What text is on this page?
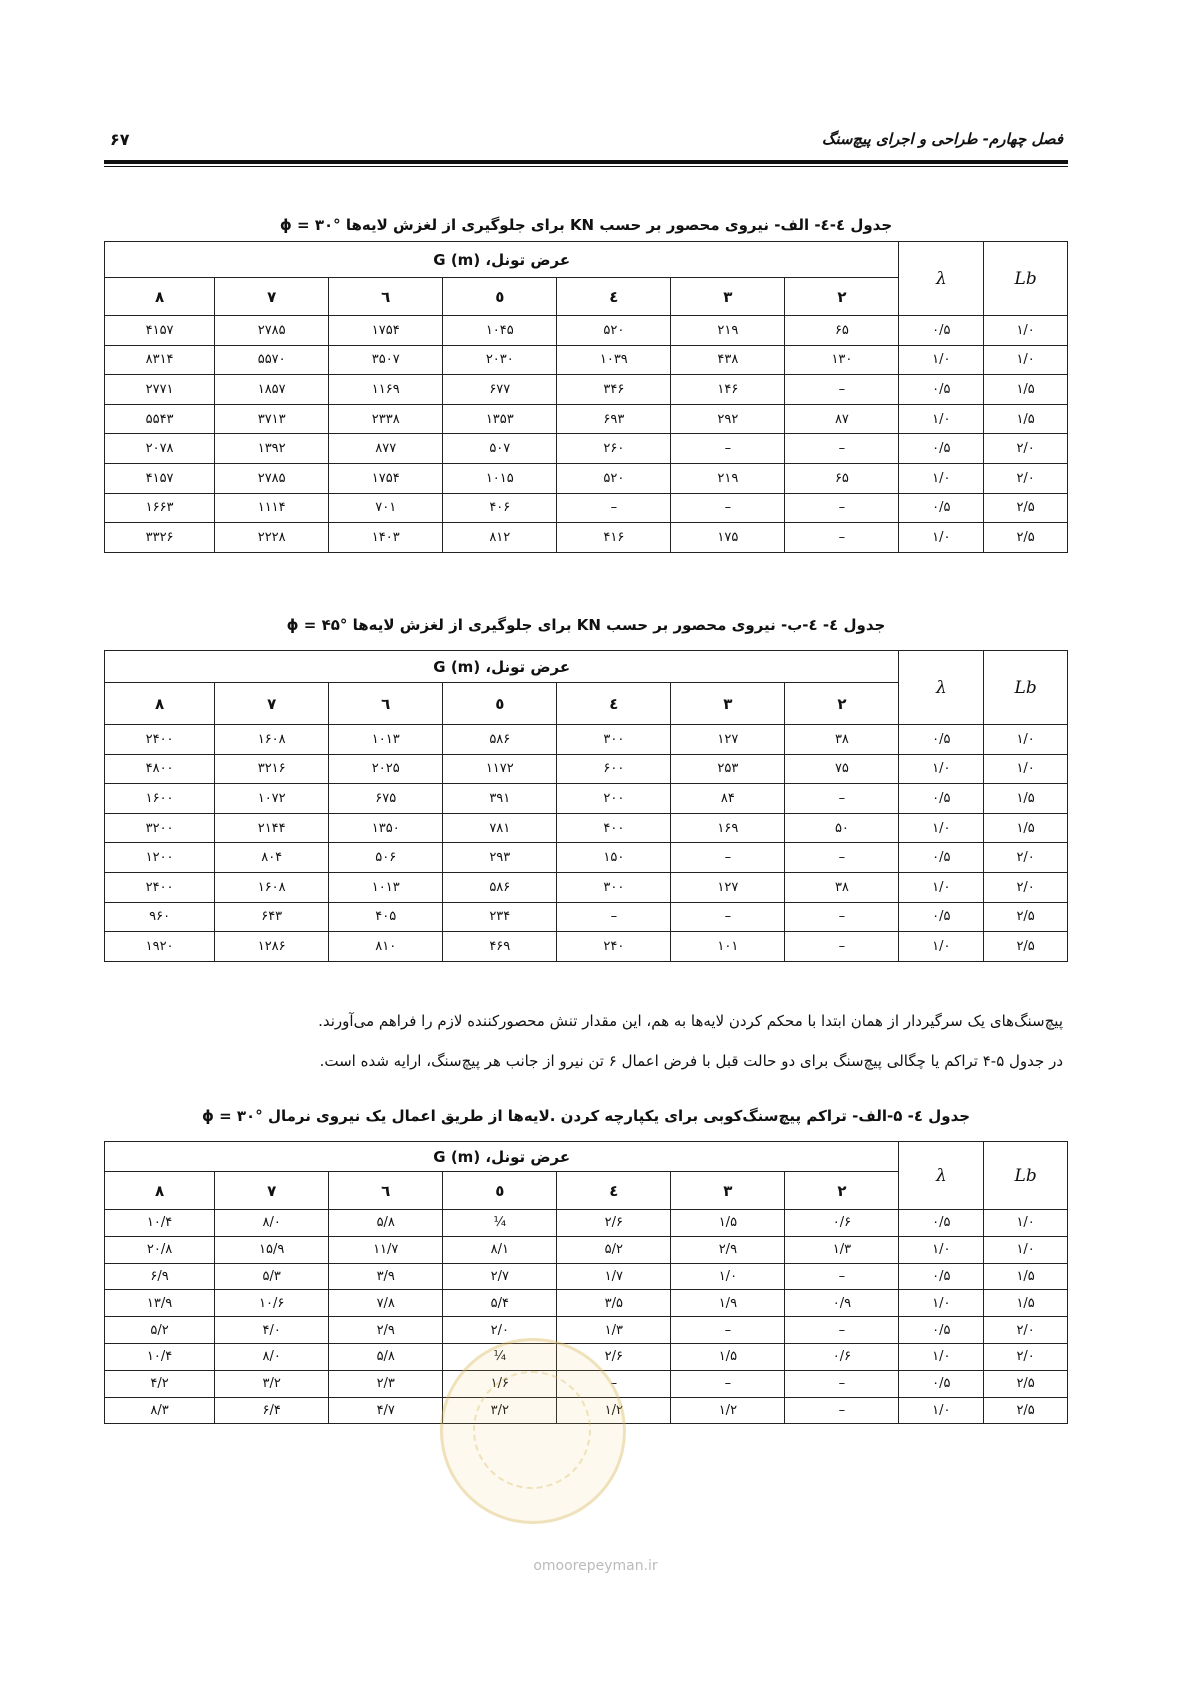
فصل چهارم- طراحی و اجرای پیچ‌سنگ
۶۷
جدول ٤-٤- الف- نیروی محصور بر حسب KN برای جلوگیری از لغزش لایه‌ها ϕ = ۳۰°
Lb	λ	عرض تونل، G (m)						
		۲	۳	٤	٥	٦	۷	۸
۱/۰	۰/۵	۶۵	۲۱۹	۵۲۰	۱۰۴۵	۱۷۵۴	۲۷۸۵	۴۱۵۷
۱/۰	۱/۰	۱۳۰	۴۳۸	۱۰۳۹	۲۰۳۰	۳۵۰۷	۵۵۷۰	۸۳۱۴
۱/۵	۰/۵	–	۱۴۶	۳۴۶	۶۷۷	۱۱۶۹	۱۸۵۷	۲۷۷۱
۱/۵	۱/۰	۸۷	۲۹۲	۶۹۳	۱۳۵۳	۲۳۳۸	۳۷۱۳	۵۵۴۳
۲/۰	۰/۵	–	–	۲۶۰	۵۰۷	۸۷۷	۱۳۹۲	۲۰۷۸
۲/۰	۱/۰	۶۵	۲۱۹	۵۲۰	۱۰۱۵	۱۷۵۴	۲۷۸۵	۴۱۵۷
۲/۵	۰/۵	–	–	–	۴۰۶	۷۰۱	۱۱۱۴	۱۶۶۳
۲/۵	۱/۰	–	۱۷۵	۴۱۶	۸۱۲	۱۴۰۳	۲۲۲۸	۳۳۲۶
جدول ٤- ٤-ب- نیروی محصور بر حسب KN برای جلوگیری از لغزش لایه‌ها ϕ = ۴۵°
Lb	λ	عرض تونل، G (m)						
		۲	۳	٤	٥	٦	۷	۸
۱/۰	۰/۵	۳۸	۱۲۷	۳۰۰	۵۸۶	۱۰۱۳	۱۶۰۸	۲۴۰۰
۱/۰	۱/۰	۷۵	۲۵۳	۶۰۰	۱۱۷۲	۲۰۲۵	۳۲۱۶	۴۸۰۰
۱/۵	۰/۵	–	۸۴	۲۰۰	۳۹۱	۶۷۵	۱۰۷۲	۱۶۰۰
۱/۵	۱/۰	۵۰	۱۶۹	۴۰۰	۷۸۱	۱۳۵۰	۲۱۴۴	۳۲۰۰
۲/۰	۰/۵	–	–	۱۵۰	۲۹۳	۵۰۶	۸۰۴	۱۲۰۰
۲/۰	۱/۰	۳۸	۱۲۷	۳۰۰	۵۸۶	۱۰۱۳	۱۶۰۸	۲۴۰۰
۲/۵	۰/۵	–	–	–	۲۳۴	۴۰۵	۶۴۳	۹۶۰
۲/۵	۱/۰	–	۱۰۱	۲۴۰	۴۶۹	۸۱۰	۱۲۸۶	۱۹۲۰
پیچ‌سنگ‌های یک سرگیردار از همان ابتدا با محکم کردن لایه‌ها به هم، این مقدار تنش محصورکننده لازم را فراهم می‌آورند.
در جدول ۵-۴ تراکم یا چگالی پیچ‌سنگ برای دو حالت قبل با فرض اعمال ۶ تن نیرو از جانب هر پیچ‌سنگ، ارایه شده است.
جدول ٤- ۵-الف- تراکم پیچ‌سنگ‌کوبی برای یکپارچه کردن .لایه‌ها از طریق اعمال یک نیروی نرمال ϕ = ۳۰°
Lb	λ	عرض تونل، G (m)						
		۲	۳	٤	٥	٦	۷	۸
۱/۰	۰/۵	۰/۶	۱/۵	۲/۶	¼	۵/۸	۸/۰	۱۰/۴
۱/۰	۱/۰	۱/۳	۲/۹	۵/۲	۸/۱	۱۱/۷	۱۵/۹	۲۰/۸
۱/۵	۰/۵	–	۱/۰	۱/۷	۲/۷	۳/۹	۵/۳	۶/۹
۱/۵	۱/۰	۰/۹	۱/۹	۳/۵	۵/۴	۷/۸	۱۰/۶	۱۳/۹
۲/۰	۰/۵	–	–	۱/۳	۲/۰	۲/۹	۴/۰	۵/۲
۲/۰	۱/۰	۰/۶	۱/۵	۲/۶	¼	۵/۸	۸/۰	۱۰/۴
۲/۵	۰/۵	–	–	–	۱/۶	۲/۳	۳/۲	۴/۲
۲/۵	۱/۰	–	۱/۲	۱/۲	۳/۲	۴/۷	۶/۴	۸/۳
omoorepeyman.ir
